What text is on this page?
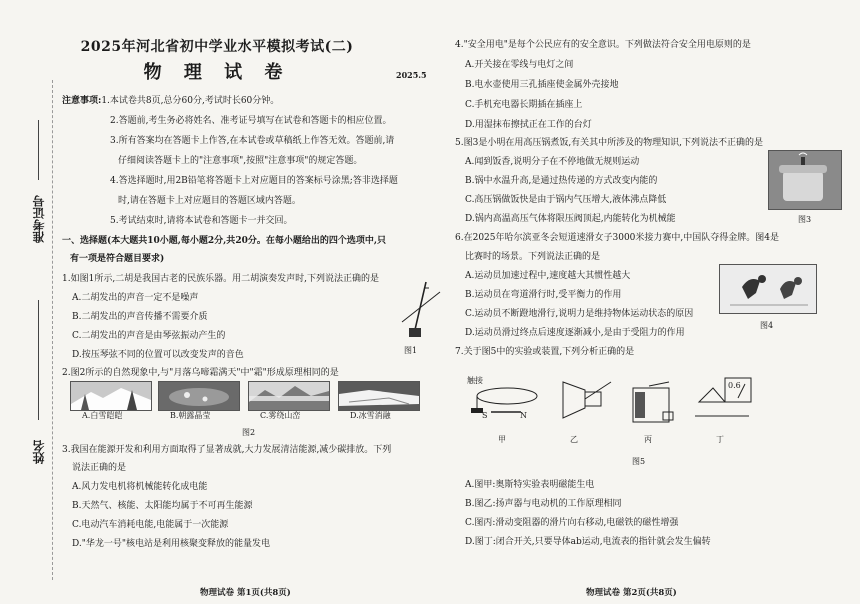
准考证号
姓名
2025年河北省初中学业水平模拟考试(二)
物 理 试 卷	2025.5
注意事项:1.本试卷共8页,总分60分,考试时长60分钟。
2.答题前,考生务必将姓名、准考证号填写在试卷和答题卡的相应位置。
3.所有答案均在答题卡上作答,在本试卷或草稿纸上作答无效。答题前,请
仔细阅读答题卡上的"注意事项",按照"注意事项"的规定答题。
4.答选择题时,用2B铅笔将答题卡上对应题目的答案标号涂黑;答非选择题
时,请在答题卡上对应题目的答题区域内答题。
5.考试结束时,请将本试卷和答题卡一并交回。
一、选择题(本大题共10小题,每小题2分,共20分。在每小题给出的四个选项中,只
有一项是符合题目要求)
1.如图1所示,二胡是我国古老的民族乐器。用二胡演奏发声时,下列说法正确的是
A.二胡发出的声音一定不是噪声
B.二胡发出的声音传播不需要介质
C.二胡发出的声音是由琴弦振动产生的
D.按压琴弦不同的位置可以改变发声的音色
2.图2所示的自然现象中,与"月落乌啼霜满天"中"霜"形成原理相同的是
A.白雪皑皑	B.朝露晶莹	C.雾绕山峦	D.冰雪消融
图2
3.我国在能源开发和利用方面取得了显著成就,大力发展清洁能源,减少碳排放。下列
说法正确的是
A.风力发电机将机械能转化成电能
B.天然气、核能、太阳能均属于不可再生能源
C.电动汽车消耗电能,电能属于一次能源
D."华龙一号"核电站是利用核聚变释放的能量发电
图1
4."安全用电"是每个公民应有的安全意识。下列做法符合安全用电原则的是
A.开关接在零线与电灯之间
B.电水壶使用三孔插座使金属外壳接地
C.手机充电器长期插在插座上
D.用湿抹布擦拭正在工作的台灯
5.图3是小明在用高压锅煮饭,有关其中所涉及的物理知识,下列说法不正确的是
A.闻到饭香,说明分子在不停地做无规则运动
B.锅中水温升高,是通过热传递的方式改变内能的
C.高压锅做饭快是由于锅内气压增大,液体沸点降低
D.锅内高温高压气体将限压阀顶起,内能转化为机械能
6.在2025年哈尔滨亚冬会短道速滑女子3000米接力赛中,中国队夺得金牌。图4是
比赛时的场景。下列说法正确的是
A.运动员加速过程中,速度越大其惯性越大
B.运动员在弯道滑行时,受平衡力的作用
C.运动员不断蹬地滑行,说明力是维持物体运动状态的原因
D.运动员滑过终点后速度逐渐减小,是由于受阻力的作用
7.关于图5中的实验或装置,下列分析正确的是
A.图甲:奥斯特实验表明磁能生电
B.图乙:扬声器与电动机的工作原理相同
C.图丙:滑动变阻器的滑片向右移动,电磁铁的磁性增强
D.图丁:闭合开关,只要导体ab运动,电流表的指针就会发生偏转
图3
图4
触接
S	N
0.6
甲	乙	丙	丁
图5
物理试卷 第1页(共8页)	物理试卷 第2页(共8页)
